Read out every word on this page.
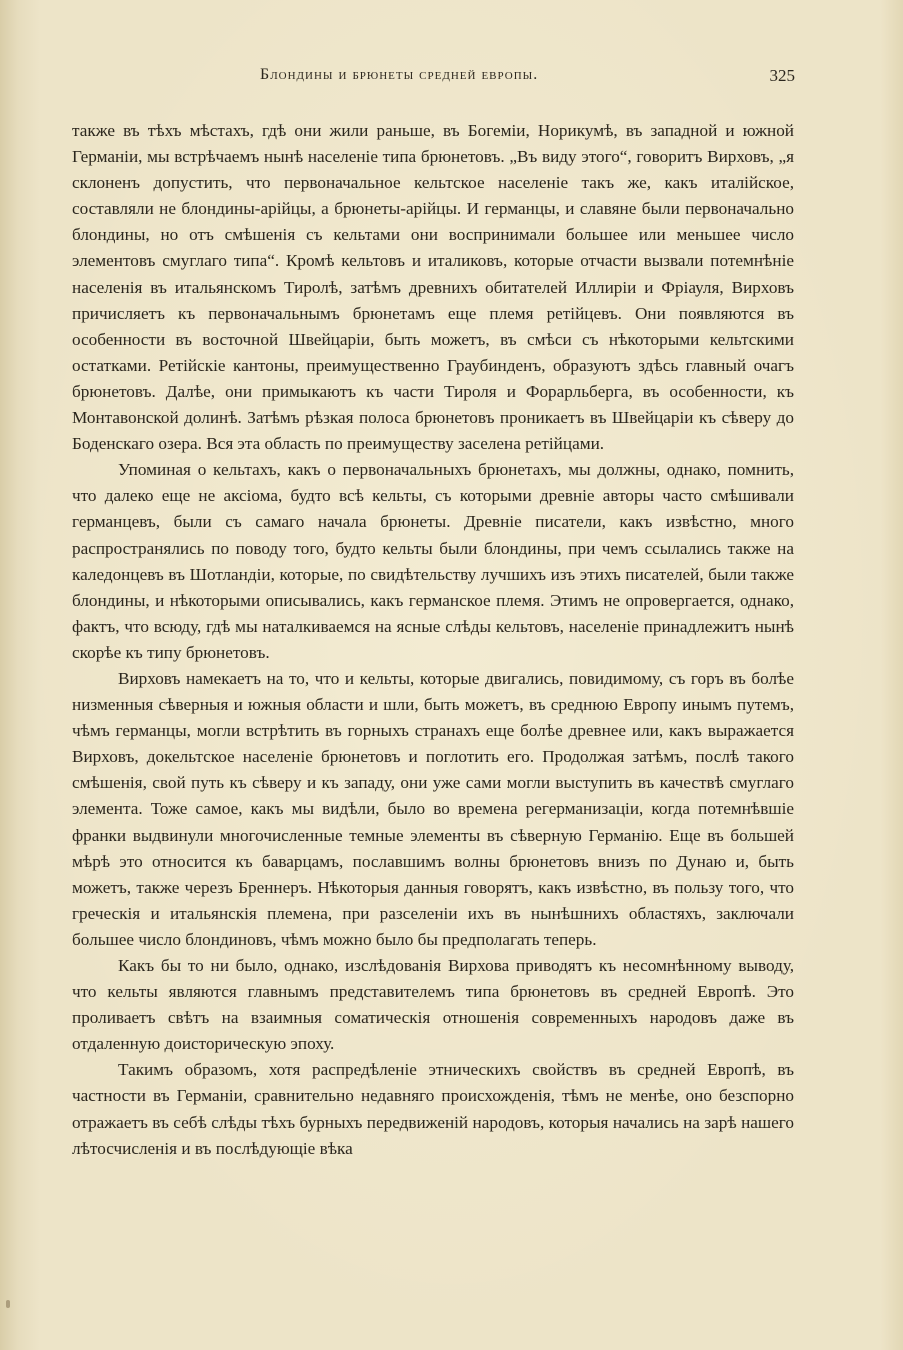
Блондины и брюнеты средней европы.	325

также въ тѣхъ мѣстахъ, гдѣ они жили раньше, въ Богеміи, Норикумѣ, въ западной и южной Германіи, мы встрѣчаемъ нынѣ населеніе типа брюнетовъ. „Въ виду этого“, говоритъ Вирховъ, „я склоненъ допустить, что первоначальное кельтское населеніе такъ же, какъ италійское, составляли не блондины-арійцы, а брюнеты-арійцы. И германцы, и славяне были первоначально блондины, но отъ смѣшенія съ кельтами они воспринимали большее или меньшее число элементовъ смуглаго типа“. Кромѣ кельтовъ и италиковъ, которые отчасти вызвали потемнѣніе населенія въ итальянскомъ Тиролѣ, затѣмъ древнихъ обитателей Иллиріи и Фріауля, Вирховъ причисляетъ къ первоначальнымъ брюнетамъ еще племя ретійцевъ. Они появляются въ особенности въ восточной Швейцаріи, быть можетъ, въ смѣси съ нѣкоторыми кельтскими остатками. Ретійскіе кантоны, преимущественно Граубинденъ, образуютъ здѣсь главный очагъ брюнетовъ. Далѣе, они примыкаютъ къ части Тироля и Форарльберга, въ особенности, къ Монтавонской долинѣ. Затѣмъ рѣзкая полоса брюнетовъ проникаетъ въ Швейцаріи къ сѣверу до Боденскаго озера. Вся эта область по преимуществу заселена ретійцами.

Упоминая о кельтахъ, какъ о первоначальныхъ брюнетахъ, мы должны, однако, помнить, что далеко еще не аксіома, будто всѣ кельты, съ которыми древніе авторы часто смѣшивали германцевъ, были съ самаго начала брюнеты. Древніе писатели, какъ извѣстно, много распространялись по поводу того, будто кельты были блондины, при чемъ ссылались также на каледонцевъ въ Шотландіи, которые, по свидѣтельству лучшихъ изъ этихъ писателей, были также блондины, и нѣкоторыми описывались, какъ германское племя. Этимъ не опровергается, однако, фактъ, что всюду, гдѣ мы наталкиваемся на ясные слѣды кельтовъ, населеніе принадлежитъ нынѣ скорѣе къ типу брюнетовъ.

Вирховъ намекаетъ на то, что и кельты, которые двигались, повидимому, съ горъ въ болѣе низменныя сѣверныя и южныя области и шли, быть можетъ, въ среднюю Европу инымъ путемъ, чѣмъ германцы, могли встрѣтить въ горныхъ странахъ еще болѣе древнее или, какъ выражается Вирховъ, докельтское населеніе брюнетовъ и поглотить его. Продолжая затѣмъ, послѣ такого смѣшенія, свой путь къ сѣверу и къ западу, они уже сами могли выступить въ качествѣ смуглаго элемента. Тоже самое, какъ мы видѣли, было во времена регерманизаціи, когда потемнѣвшіе франки выдвинули многочисленные темные элементы въ сѣверную Германію. Еще въ большей мѣрѣ это относится къ баварцамъ, пославшимъ волны брюнетовъ внизъ по Дунаю и, быть можетъ, также черезъ Бреннеръ. Нѣкоторыя данныя говорятъ, какъ извѣстно, въ пользу того, что греческія и итальянскія племена, при разселеніи ихъ въ нынѣшнихъ областяхъ, заключали большее число блондиновъ, чѣмъ можно было бы предполагать теперь.

Какъ бы то ни было, однако, изслѣдованія Вирхова приводятъ къ несомнѣнному выводу, что кельты являются главнымъ представителемъ типа брюнетовъ въ средней Европѣ. Это проливаетъ свѣтъ на взаимныя соматическія отношенія современныхъ народовъ даже въ отдаленную доисторическую эпоху.

Такимъ образомъ, хотя распредѣленіе этническихъ свойствъ въ средней Европѣ, въ частности въ Германіи, сравнительно недавняго происхожденія, тѣмъ не менѣе, оно безспорно отражаетъ въ себѣ слѣды тѣхъ бурныхъ передвиженій народовъ, которыя начались на зарѣ нашего лѣтосчисленія и въ послѣдующіе вѣка
